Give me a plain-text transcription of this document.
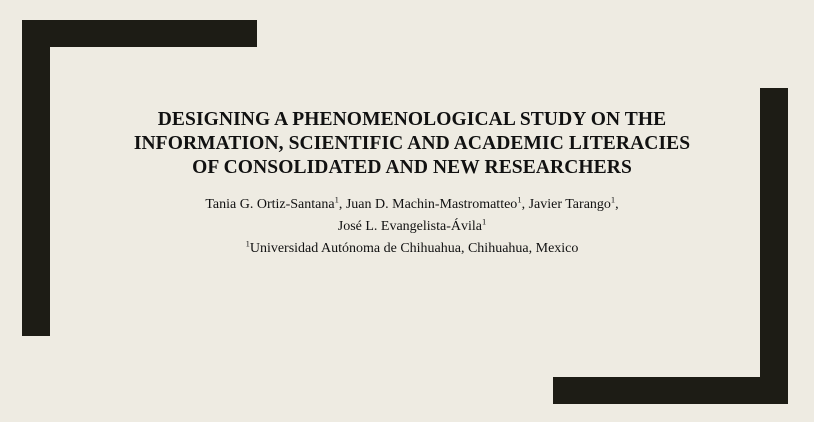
DESIGNING A PHENOMENOLOGICAL STUDY ON THE INFORMATION, SCIENTIFIC AND ACADEMIC LITERACIES OF CONSOLIDATED AND NEW RESEARCHERS
Tania G. Ortiz-Santana$^1$, Juan D. Machin-Mastromatteo$^1$, Javier Tarango$^1$, José L. Evangelista-Ávila$^1$

$^1$Universidad Autónoma de Chihuahua, Chihuahua, Mexico
